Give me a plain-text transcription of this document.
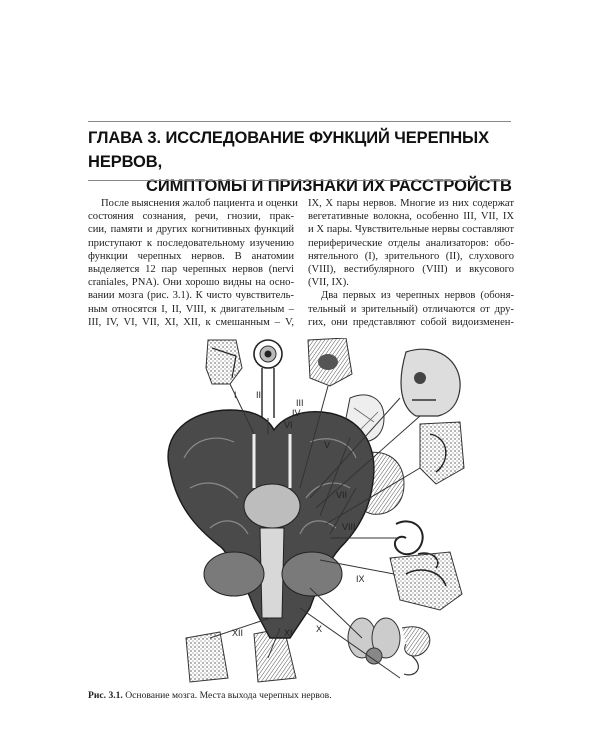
ГЛАВА 3. ИССЛЕДОВАНИЕ ФУНКЦИЙ ЧЕРЕПНЫХ НЕРВОВ,
СИМПТОМЫ И ПРИЗНАКИ ИХ РАССТРОЙСТВ
После выяснения жалоб пациента и оценки
состояния сознания, речи, гнозии, прак-
сии, памяти и других когнитивных функций
приступают к последовательному изучению
функции черепных нервов. В анатомии
выделяется 12 пар черепных нервов (nervi
craniales, PNA). Они хорошо видны на осно-
вании мозга (рис. 3.1). К чисто чувствитель-
ным относятся I, II, VIII, к двигательным –
III, IV, VI, VII, XI, XII, к смешанным – V,
IX, X пары нервов. Многие из них содержат
вегетативные волокна, особенно III, VII, IX
и X пары. Чувствительные нервы составляют
периферические отделы анализаторов: обо-
нятельного (I), зрительного (II), слухового
(VIII), вестибулярного (VIII) и вкусового
(VII, IX).
Два первых из черепных нервов (обоня-
тельный и зрительный) отличаются от дру-
гих, они представляют собой видоизменен-
I II
III
IV
VI
V
VII
VIII
IX
X
XI
XII
Рис. 3.1. Основание мозга. Места выхода черепных нервов.
